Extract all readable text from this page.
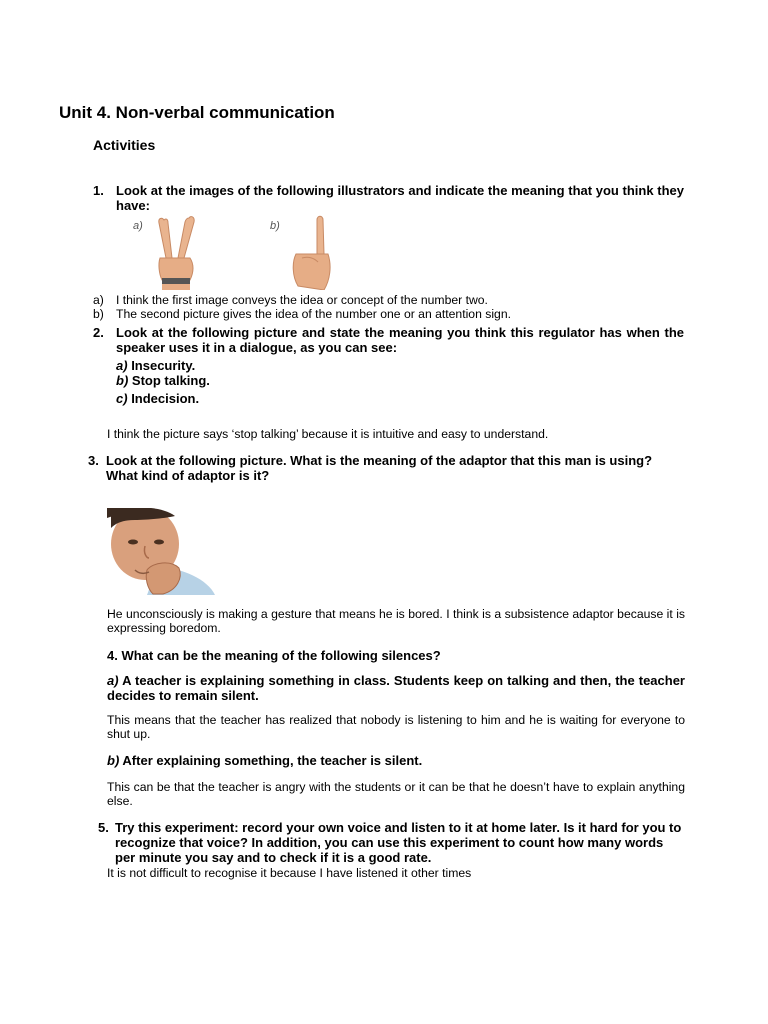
Unit 4. Non-verbal communication
Activities
1. Look at the images of the following illustrators and indicate the meaning that you think they have:
a)	b)
a) I think the first image conveys the idea or concept of the number two.
b) The second picture gives the idea of the number one or an attention sign.
2. Look at the following picture and state the meaning you think this regulator has when the speaker uses it in a dialogue, as you can see:
a) Insecurity.
b) Stop talking.
c) Indecision.
I think the picture says ‘stop talking’ because it is intuitive and easy to understand.
3. Look at the following picture. What is the meaning of the adaptor that this man is using? What kind of adaptor is it?
He unconsciously is making a gesture that means he is bored. I think is a subsistence adaptor because it is expressing boredom.
4. What can be the meaning of the following silences?
a) A teacher is explaining something in class. Students keep on talking and then, the teacher decides to remain silent.
This means that the teacher has realized that nobody is listening to him and he is waiting for everyone to shut up.
b) After explaining something, the teacher is silent.
This can be that the teacher is angry with the students or it can be that he doesn’t have to explain anything else.
5. Try this experiment: record your own voice and listen to it at home later. Is it hard for you to recognize that voice? In addition, you can use this experiment to count how many words per minute you say and to check if it is a good rate.
It is not difficult to recognise it because I have listened it other times
